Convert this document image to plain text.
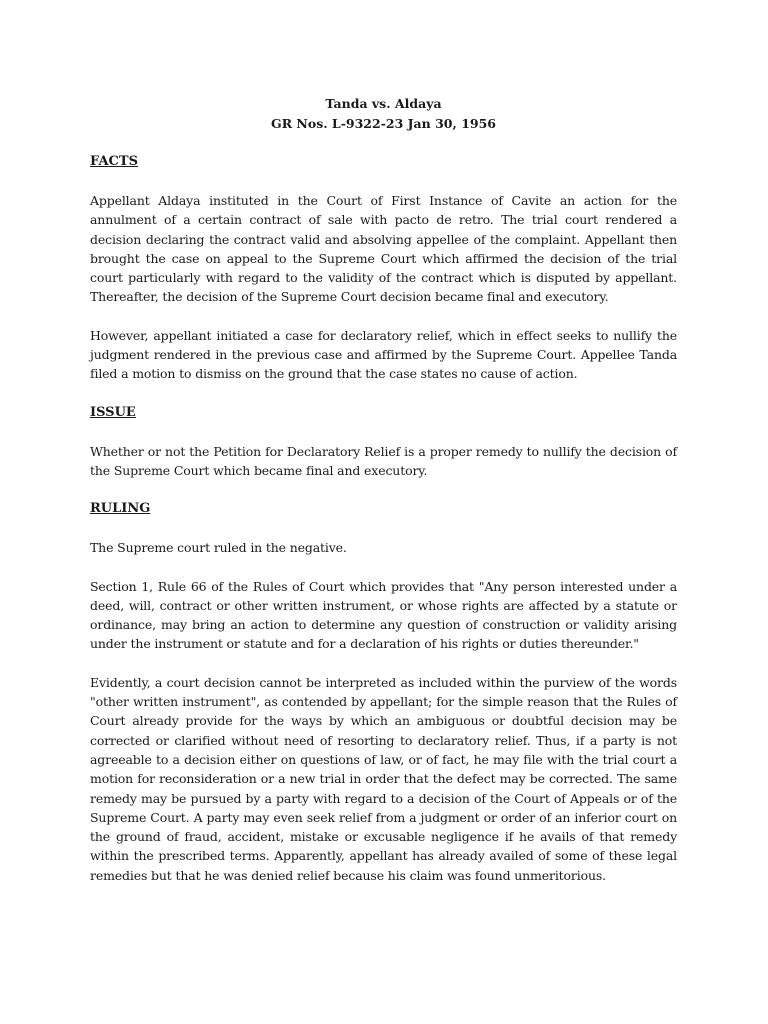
Tanda vs. Aldaya

GR Nos. L-9322-23 Jan 30, 1956

FACTS

Appellant Aldaya instituted in the Court of First Instance of Cavite an action for the annulment of a certain contract of sale with pacto de retro. The trial court rendered a decision declaring the contract valid and absolving appellee of the complaint. Appellant then brought the case on appeal to the Supreme Court which affirmed the decision of the trial court particularly with regard to the validity of the contract which is disputed by appellant. Thereafter, the decision of the Supreme Court decision became final and executory.

However, appellant initiated a case for declaratory relief, which in effect seeks to nullify the judgment rendered in the previous case and affirmed by the Supreme Court. Appellee Tanda filed a motion to dismiss on the ground that the case states no cause of action.

ISSUE

Whether or not the Petition for Declaratory Relief is a proper remedy to nullify the decision of the Supreme Court which became final and executory.

RULING

The Supreme court ruled in the negative.

Section 1, Rule 66 of the Rules of Court which provides that "Any person interested under a deed, will, contract or other written instrument, or whose rights are affected by a statute or ordinance, may bring an action to determine any question of construction or validity arising under the instrument or statute and for a declaration of his rights or duties thereunder."

Evidently, a court decision cannot be interpreted as included within the purview of the words "other written instrument", as contended by appellant; for the simple reason that the Rules of Court already provide for the ways by which an ambiguous or doubtful decision may be corrected or clarified without need of resorting to declaratory relief. Thus, if a party is not agreeable to a decision either on questions of law, or of fact, he may file with the trial court a motion for reconsideration or a new trial in order that the defect may be corrected. The same remedy may be pursued by a party with regard to a decision of the Court of Appeals or of the Supreme Court. A party may even seek relief from a judgment or order of an inferior court on the ground of fraud, accident, mistake or excusable negligence if he avails of that remedy within the prescribed terms. Apparently, appellant has already availed of some of these legal remedies but that he was denied relief because his claim was found unmeritorious.
